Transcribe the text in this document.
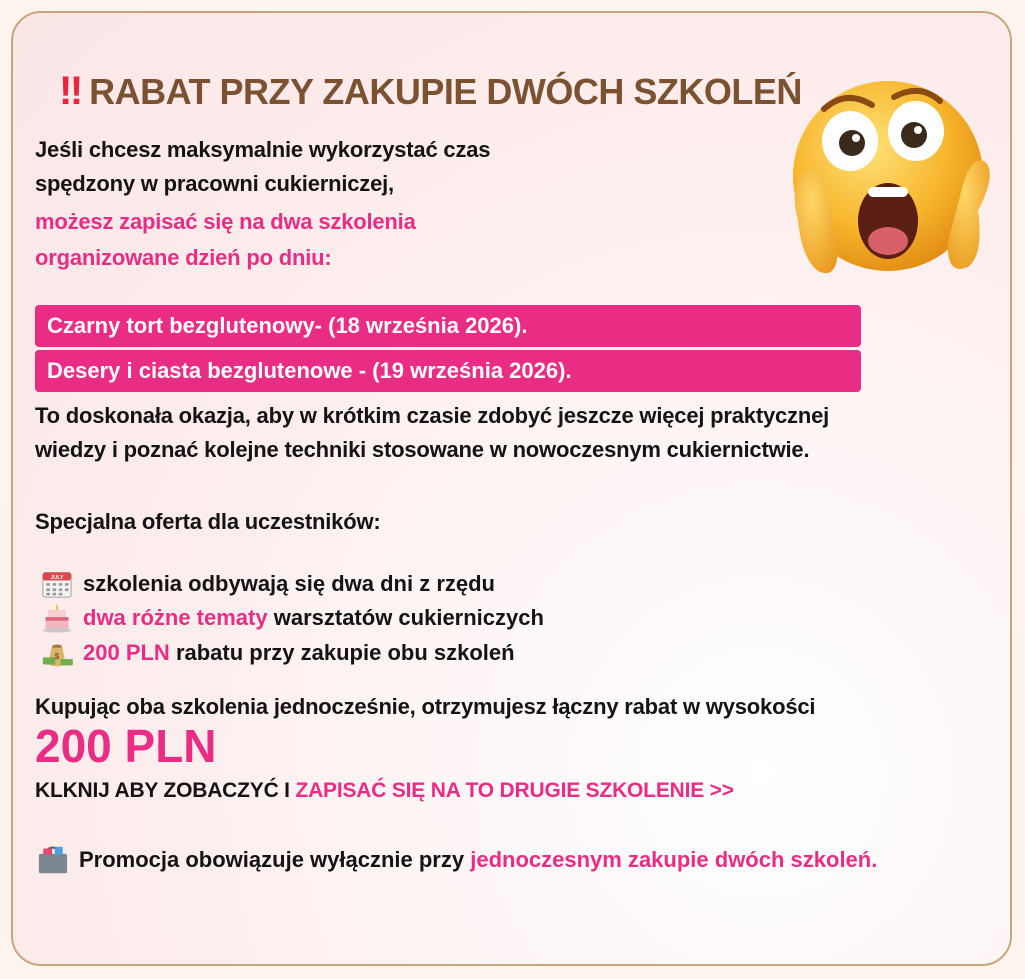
‼ RABAT PRZY ZAKUPIE DWÓCH SZKOLEŃ
Jeśli chcesz maksymalnie wykorzystać czas
spędzony w pracowni cukierniczej,
możesz zapisać się na dwa szkolenia
organizowane dzień po dniu:
Czarny tort bezglutenowy- (18 września 2026).
Desery i ciasta bezglutenowe - (19 września 2026).
To doskonała okazja, aby w krótkim czasie zdobyć jeszcze więcej praktycznej
wiedzy i poznać kolejne techniki stosowane w nowoczesnym cukiernictwie.
Specjalna oferta dla uczestników:
JULY szkolenia odbywają się dwa dni z rzędu
dwa różne tematy warsztatów cukierniczych
$ 200 PLN rabatu przy zakupie obu szkoleń
Kupując oba szkolenia jednocześnie, otrzymujesz łączny rabat w wysokości
200 PLN
KLKNIJ ABY ZOBACZYĆ I ZAPISAĆ SIĘ NA TO DRUGIE SZKOLENIE >>
Promocja obowiązuje wyłącznie przy jednoczesnym zakupie dwóch szkoleń.
